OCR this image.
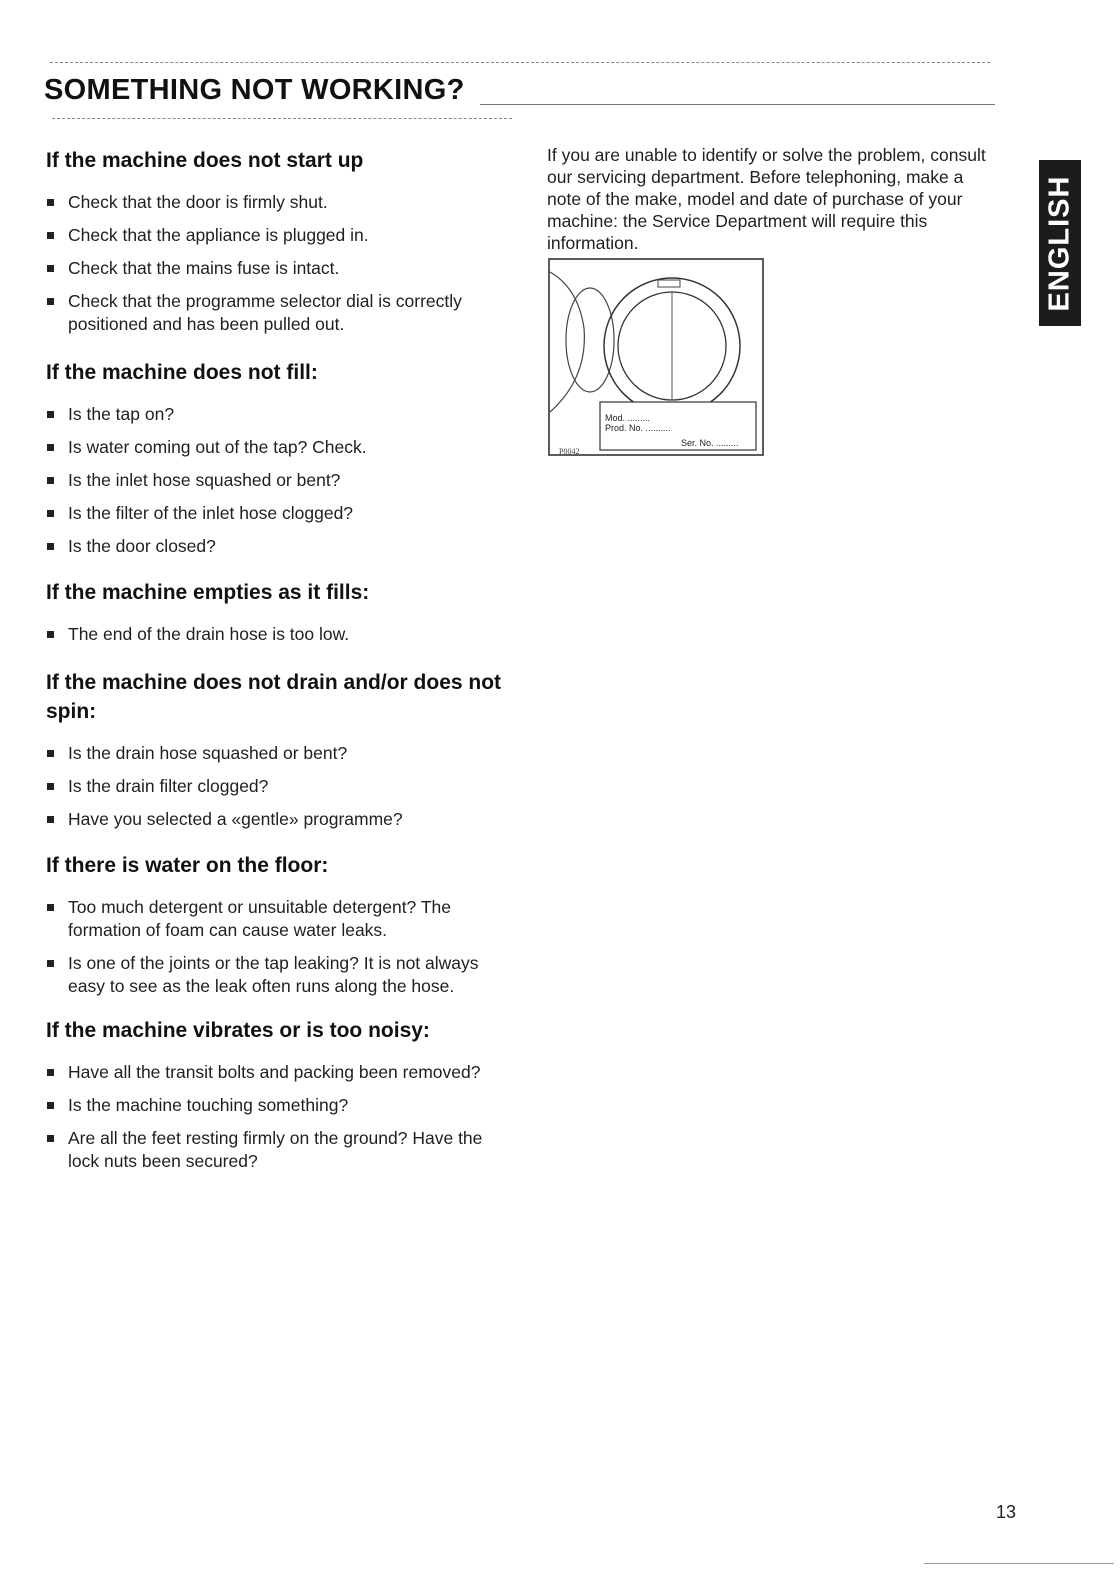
SOMETHING NOT WORKING?
If the machine does not start up
Check that the door is firmly shut.
Check that the appliance is plugged in.
Check that the mains fuse is intact.
Check that the programme selector dial is correctly positioned and has been pulled out.
If the machine does not fill:
Is the tap on?
Is water coming out of the tap? Check.
Is the inlet hose squashed or bent?
Is the filter of the inlet hose clogged?
Is the door closed?
If the machine empties as it fills:
The end of the drain hose is too low.
If the machine does not drain and/or does not spin:
Is the drain hose squashed or bent?
Is the drain filter clogged?
Have you selected a «gentle» programme?
If there is water on the floor:
Too much detergent or unsuitable detergent? The formation of foam can cause water leaks.
Is one of the joints or the tap leaking? It is not always easy to see as the leak often runs along the hose.
If the machine vibrates or is too noisy:
Have all the transit bolts and packing been removed?
Is the machine touching something?
Are all the feet resting firmly on the ground? Have the lock nuts been secured?

If you are unable to identify or solve the problem, consult our servicing department. Before telephoning, make a note of the make, model and date of purchase of your machine: the Service Department will require this information.

Mod. .........
Prod. No. ..........
Ser. No. .........
P0042
ENGLISH
13
